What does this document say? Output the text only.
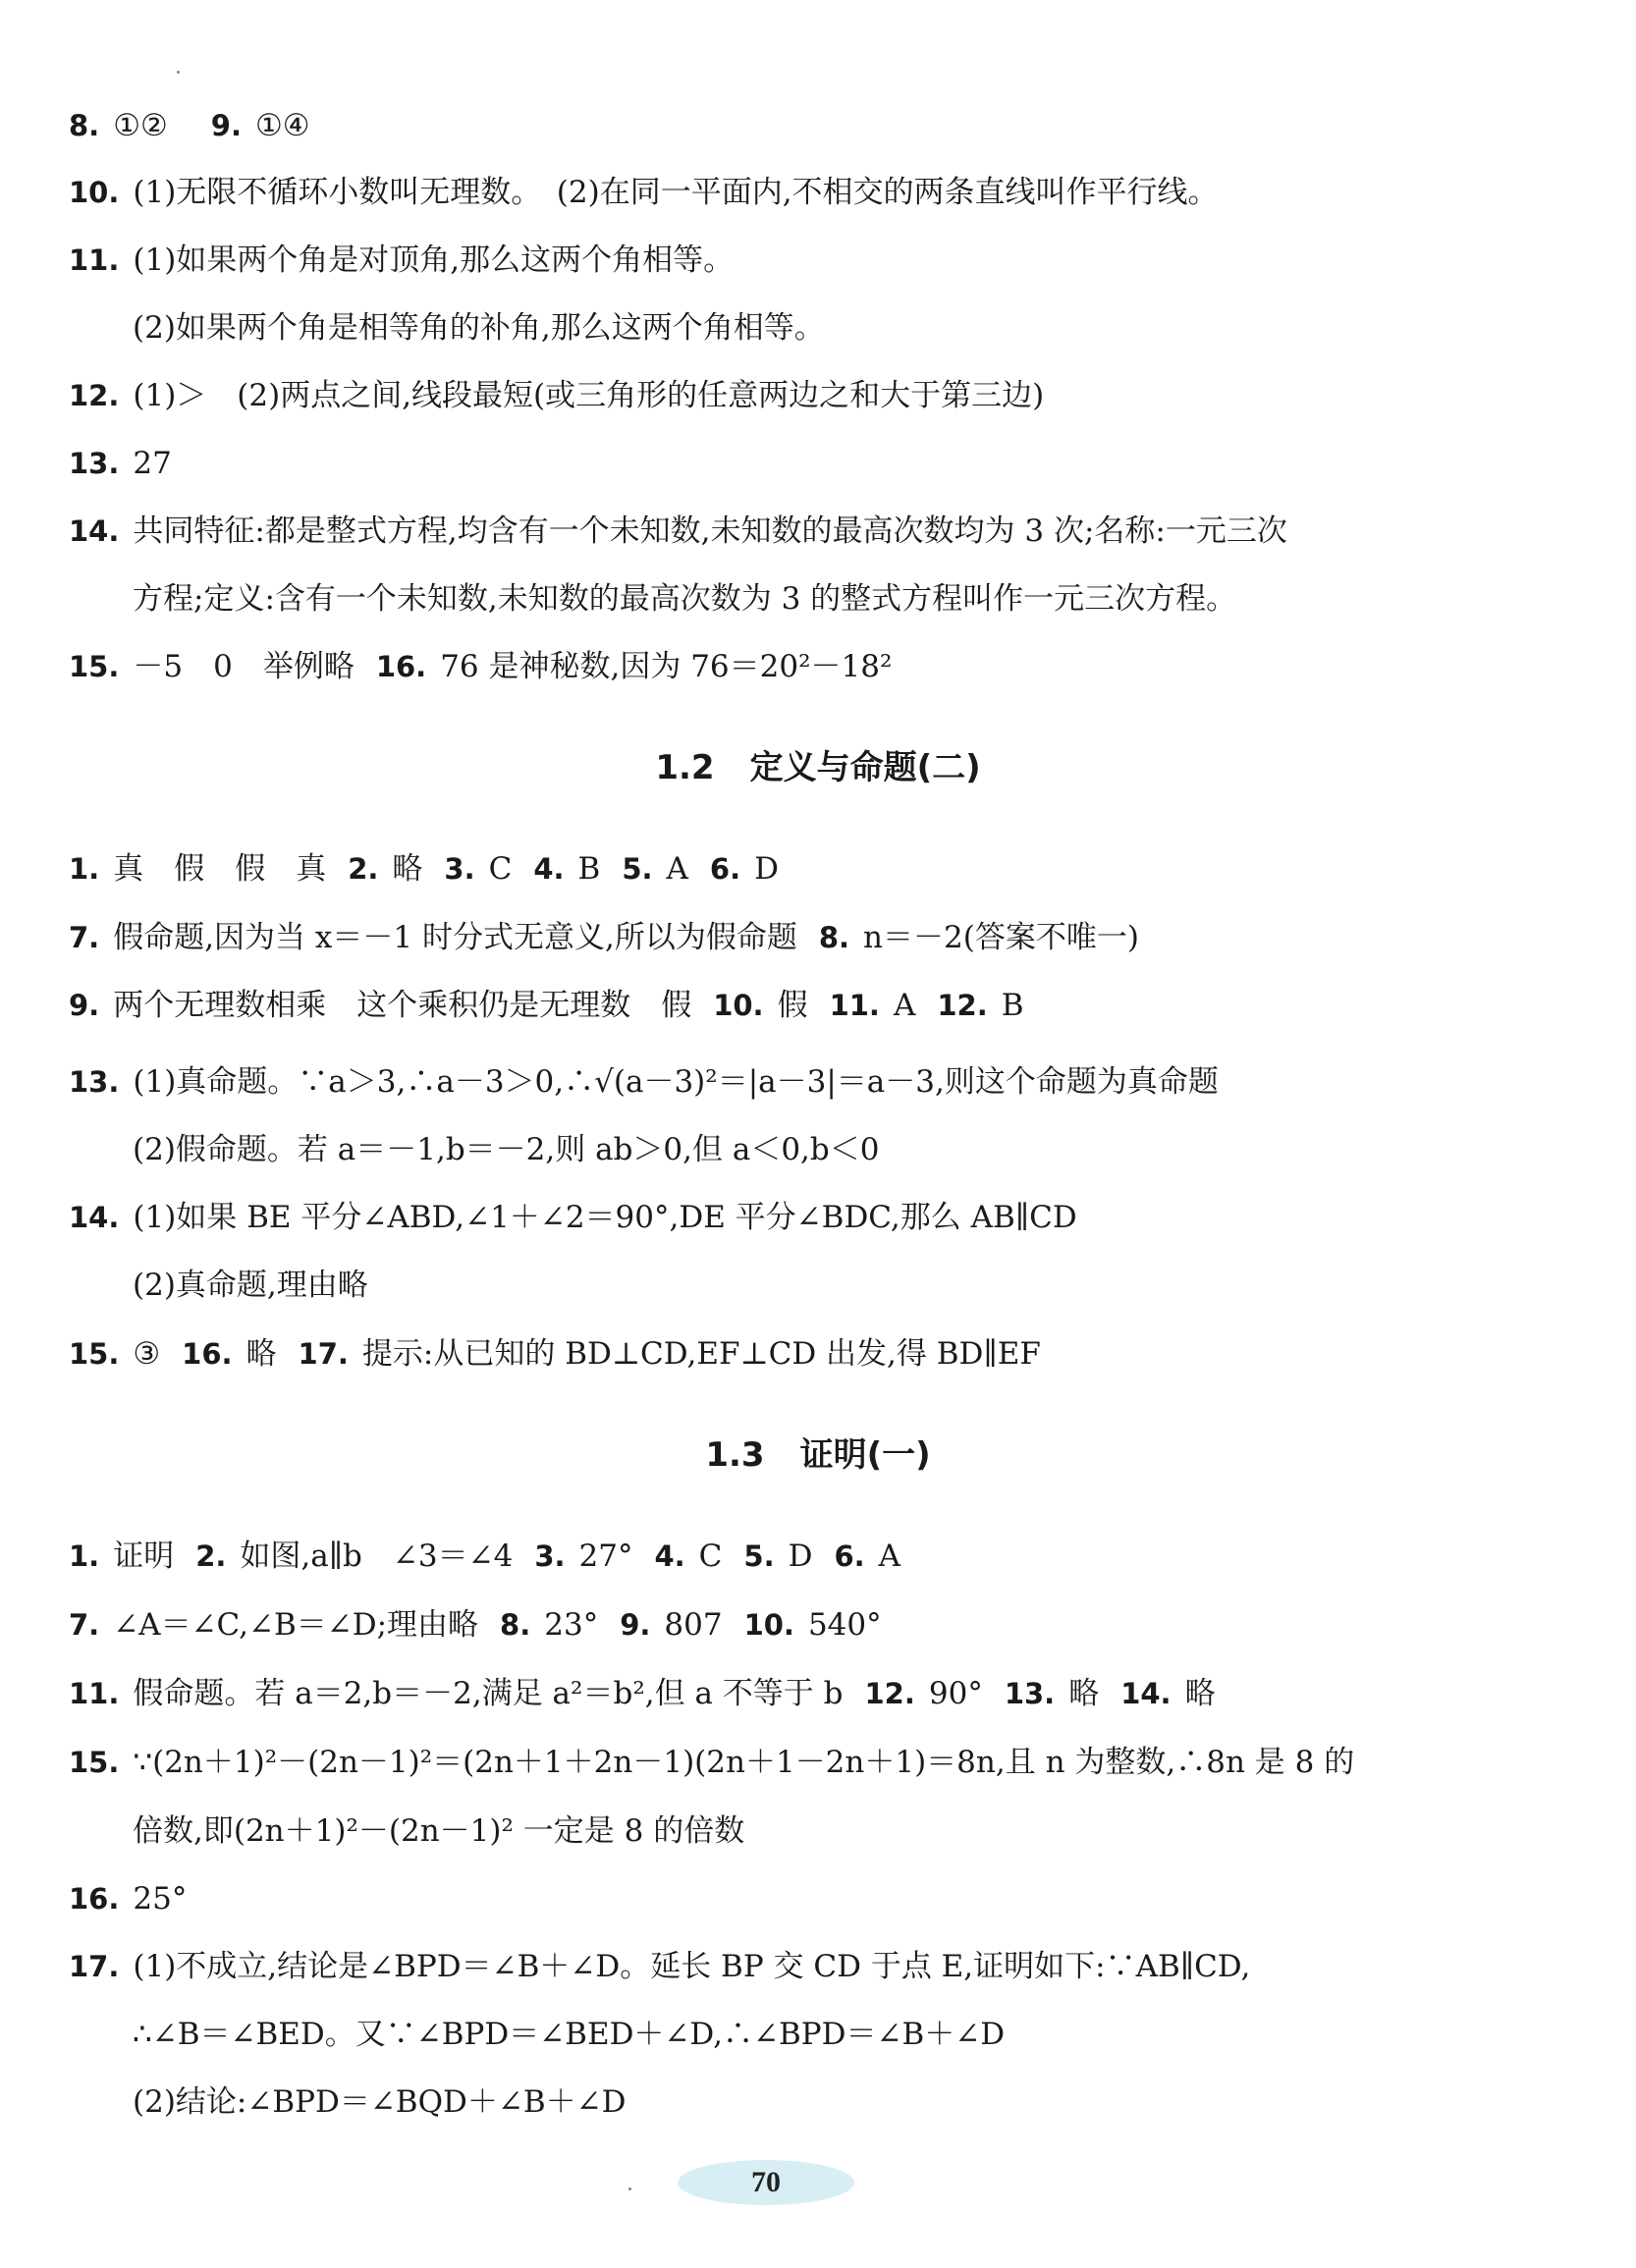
8. ①② 9. ①④
10. (1)无限不循环小数叫无理数。　(2)在同一平面内,不相交的两条直线叫作平行线。
11. (1)如果两个角是对顶角,那么这两个角相等。
(2)如果两个角是相等角的补角,那么这两个角相等。
12. (1)＞　(2)两点之间,线段最短(或三角形的任意两边之和大于第三边)
13. 27
14. 共同特征:都是整式方程,均含有一个未知数,未知数的最高次数均为 3 次;名称:一元三次
方程;定义:含有一个未知数,未知数的最高次数为 3 的整式方程叫作一元三次方程。
15. －5　0　举例略 16. 76 是神秘数,因为 76＝20²－18²
1.2 定义与命题(二)
1. 真　假　假　真 2. 略 3. C 4. B 5. A 6. D
7. 假命题,因为当 x＝－1 时分式无意义,所以为假命题 8. n＝－2(答案不唯一)
9. 两个无理数相乘　这个乘积仍是无理数　假 10. 假 11. A 12. B
13. (1)真命题。∵a＞3,∴a－3＞0,∴√(a－3)²＝|a－3|＝a－3,则这个命题为真命题
(2)假命题。若 a＝－1,b＝－2,则 ab＞0,但 a＜0,b＜0
14. (1)如果 BE 平分∠ABD,∠1＋∠2＝90°,DE 平分∠BDC,那么 AB∥CD
(2)真命题,理由略
15. ③ 16. 略 17. 提示:从已知的 BD⊥CD,EF⊥CD 出发,得 BD∥EF
1.3 证明(一)
1. 证明 2. 如图,a∥b　∠3＝∠4 3. 27° 4. C 5. D 6. A
7. ∠A＝∠C,∠B＝∠D;理由略 8. 23° 9. 807 10. 540°
11. 假命题。若 a＝2,b＝－2,满足 a²＝b²,但 a 不等于 b 12. 90° 13. 略 14. 略
15. ∵(2n＋1)²－(2n－1)²＝(2n＋1＋2n－1)(2n＋1－2n＋1)＝8n,且 n 为整数,∴8n 是 8 的
倍数,即(2n＋1)²－(2n－1)² 一定是 8 的倍数
16. 25°
17. (1)不成立,结论是∠BPD＝∠B＋∠D。延长 BP 交 CD 于点 E,证明如下:∵AB∥CD,
∴∠B＝∠BED。又∵∠BPD＝∠BED＋∠D,∴∠BPD＝∠B＋∠D
(2)结论:∠BPD＝∠BQD＋∠B＋∠D
70
